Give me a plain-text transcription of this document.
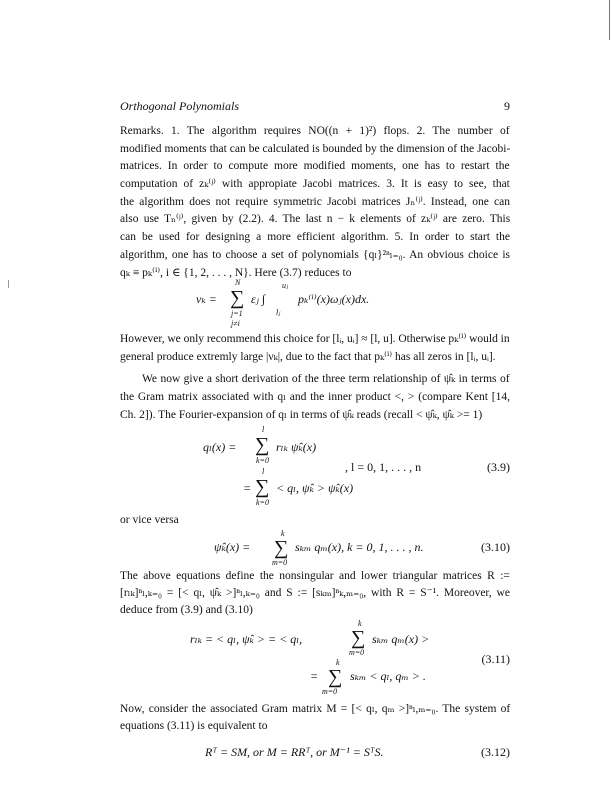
Orthogonal Polynomials	9
Remarks. 1. The algorithm requires NO((n + 1)²) flops. 2. The number of
modified moments that can be calculated is bounded by the dimension of the Jacobi-
matrices. In order to compute more modified moments, one has to restart the
computation of zₖ⁽ʲ⁾ with appropiate Jacobi matrices. 3. It is easy to see, that
the algorithm does not require symmetric Jacobi matrices Jₙ⁽ʲ⁾. Instead, one can
also use Tₙ⁽ʲ⁾, given by (2.2). 4. The last n − k elements of zₖ⁽ʲ⁾ are zero. This
can be used for designing a more efficient algorithm. 5. In order to start the
algorithm, one has to choose a set of polynomials {qₗ}²ⁿₗ₌₀. An obvious choice is
qₖ ≡ pₖ⁽ⁱ⁾, i ∈ {1, 2, . . . , N}. Here (3.7) reduces to
νₖ =
N
∑
j=1
j≠i
εⱼ ∫
uⱼ
lⱼ
pₖ⁽ⁱ⁾(x)ωⱼ(x)dx.
However, we only recommend this choice for [lᵢ, uᵢ] ≈ [l, u]. Otherwise pₖ⁽ⁱ⁾ would in
general produce extremly large |νₖ|, due to the fact that pₖ⁽ⁱ⁾ has all zeros in [lᵢ, uᵢ].
We now give a short derivation of the three term relationship of ψ̂ₖ in terms of
the Gram matrix associated with qₗ and the inner product <, > (compare Kent [14,
Ch. 2]). The Fourier-expansion of qₗ in terms of ψ̂ₖ reads (recall < ψ̂ₖ, ψ̂ₖ >= 1)
qₗ(x) =
l
∑
k=0
rₗₖ ψ̂ₖ(x)
, l = 0, 1, . . . , n	(3.9)
=
l
∑
k=0
< qₗ, ψ̂ₖ > ψ̂ₖ(x)
or vice versa
ψ̂ₖ(x) =
k
∑
m=0
sₖₘ qₘ(x), k = 0, 1, . . . , n.	(3.10)
The above equations define the nonsingular and lower triangular matrices R :=
[rₗₖ]ⁿₗ,ₖ₌₀ = [< qₗ, ψ̂ₖ >]ⁿₗ,ₖ₌₀ and S := [sₖₘ]ⁿₖ,ₘ₌₀, with R = S⁻¹. Moreover, we
deduce from (3.9) and (3.10)
rₗₖ = < qₗ, ψ̂ₖ > = < qₗ,
k
∑
m=0
sₖₘ qₘ(x) >
(3.11)
=
k
∑
m=0
sₖₘ < qₗ, qₘ > .
Now, consider the associated Gram matrix M = [< qₗ, qₘ >]ⁿₗ,ₘ₌₀. The system of
equations (3.11) is equivalent to
Rᵀ = SM, or M = RRᵀ, or M⁻¹ = SᵀS.	(3.12)
